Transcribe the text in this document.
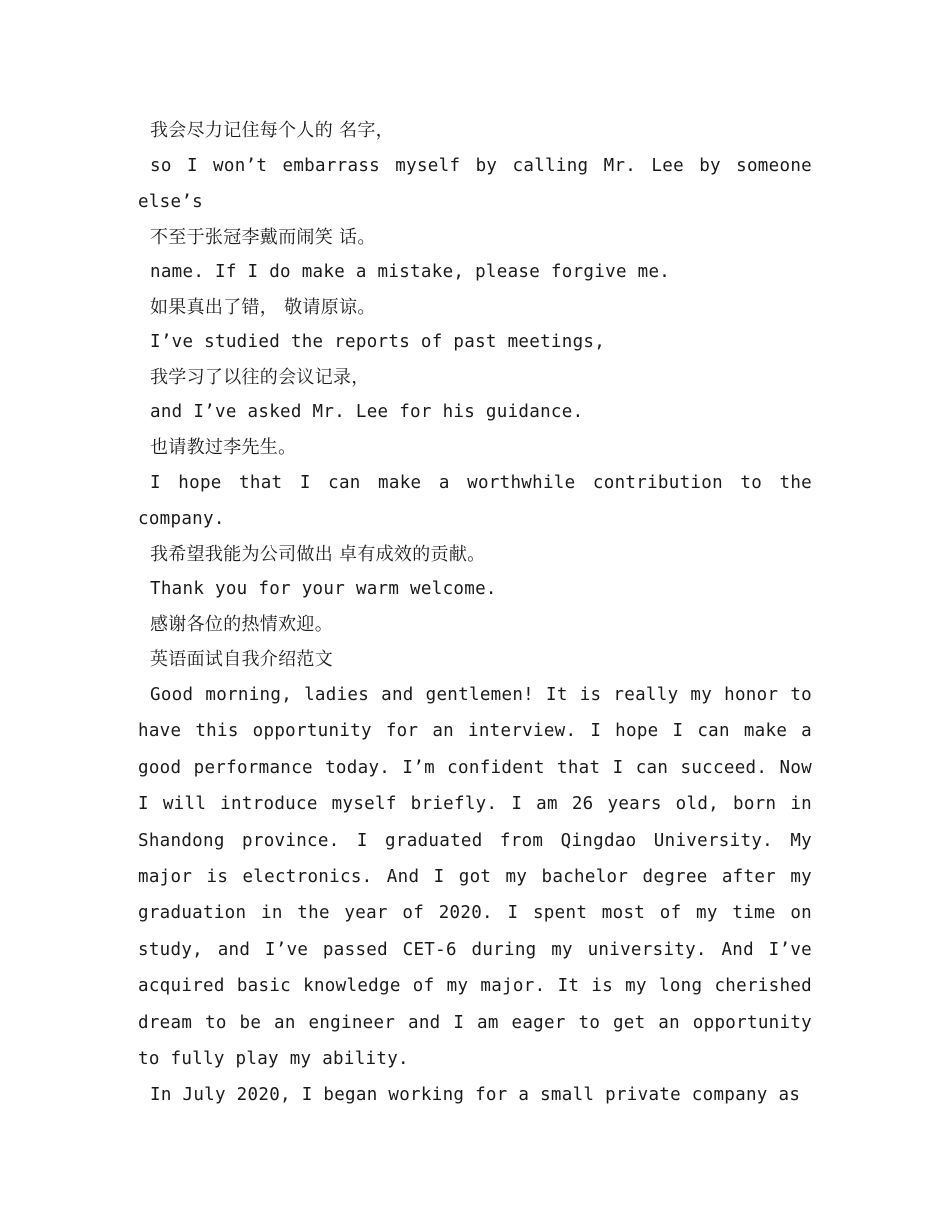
我会尽力记住每个人的 名字，
so I won’t embarrass myself by calling Mr. Lee by someone else’s
不至于张冠李戴而闹笑 话。
name. If I do make a mistake, please forgive me.
如果真出了错， 敬请原谅。
I’ve studied the reports of past meetings,
我学习了以往的会议记录，
and I’ve asked Mr. Lee for his guidance.
也请教过李先生。
I hope that I can make a worthwhile contribution to the company.
我希望我能为公司做出 卓有成效的贡献。
Thank you for your warm welcome.
感谢各位的热情欢迎。
英语面试自我介绍范文

Good morning, ladies and gentlemen! It is really my honor to have this opportunity for an interview. I hope I can make a good performance today. I’m confident that I can succeed. Now I will introduce myself briefly. I am 26 years old, born in Shandong province. I graduated from Qingdao University. My major is electronics. And I got my bachelor degree after my graduation in the year of 2020. I spent most of my time on study, and I’ve passed CET-6 during my university. And I’ve acquired basic knowledge of my major. It is my long cherished dream to be an engineer and I am eager to get an opportunity to fully play my ability.

In July 2020, I began working for a small private company as
